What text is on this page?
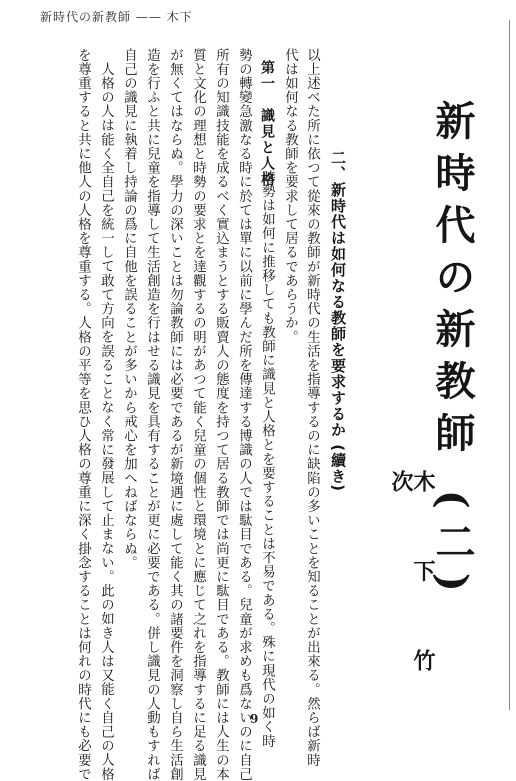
新時代の新教師 —— 木下
新時代の新教師 (二)
木 下 竹 次
二、新時代は如何なる教師を要求するか (續き)
以上述べた所に依つて從來の教師が新時代の生活を指導するのに缺陷の多いことを知ることが出來る。然らば新時
代は如何なる教師を要求して居るであらうか。
第一　識見と人格
時勢は如何に推移しても教師に識見と人格とを要することは不易である。殊に現代の如く時
勢の轉變急激なる時に於ては單に以前に學んだ所を傳達する博識の人では駄目である。兒童が求めも爲ないのに自己
所有の知識技能を成るべく實込まうとする販賣人の態度を持つて居る教師では尚更に駄目である。教師には人生の本
質と文化の理想と時勢の要求とを達觀するの明があつて能く兒童の個性と環境とに應じて之れを指導するに足る識見
が無くてはならぬ。學力の深いことは勿論教師には必要であるが新境遇に處して能く其の諸要件を洞察し自ら生活創
造を行ふと共に兒童を指導して生活創造を行はせる識見を具有することが更に必要である。併し識見の人動もすれば
自己の識見に執着し持論の爲に自他を誤ることが多いから戒心を加へねばならぬ。
人格の人は能く全自己を統一して敢て方向を誤ることなく常に發展して止まない。此の如き人は又能く自己の人格
を尊重すると共に他人の人格を尊重する。人格の平等を思ひ人格の尊重に深く掛念することは何れの時代にも必要で	9
